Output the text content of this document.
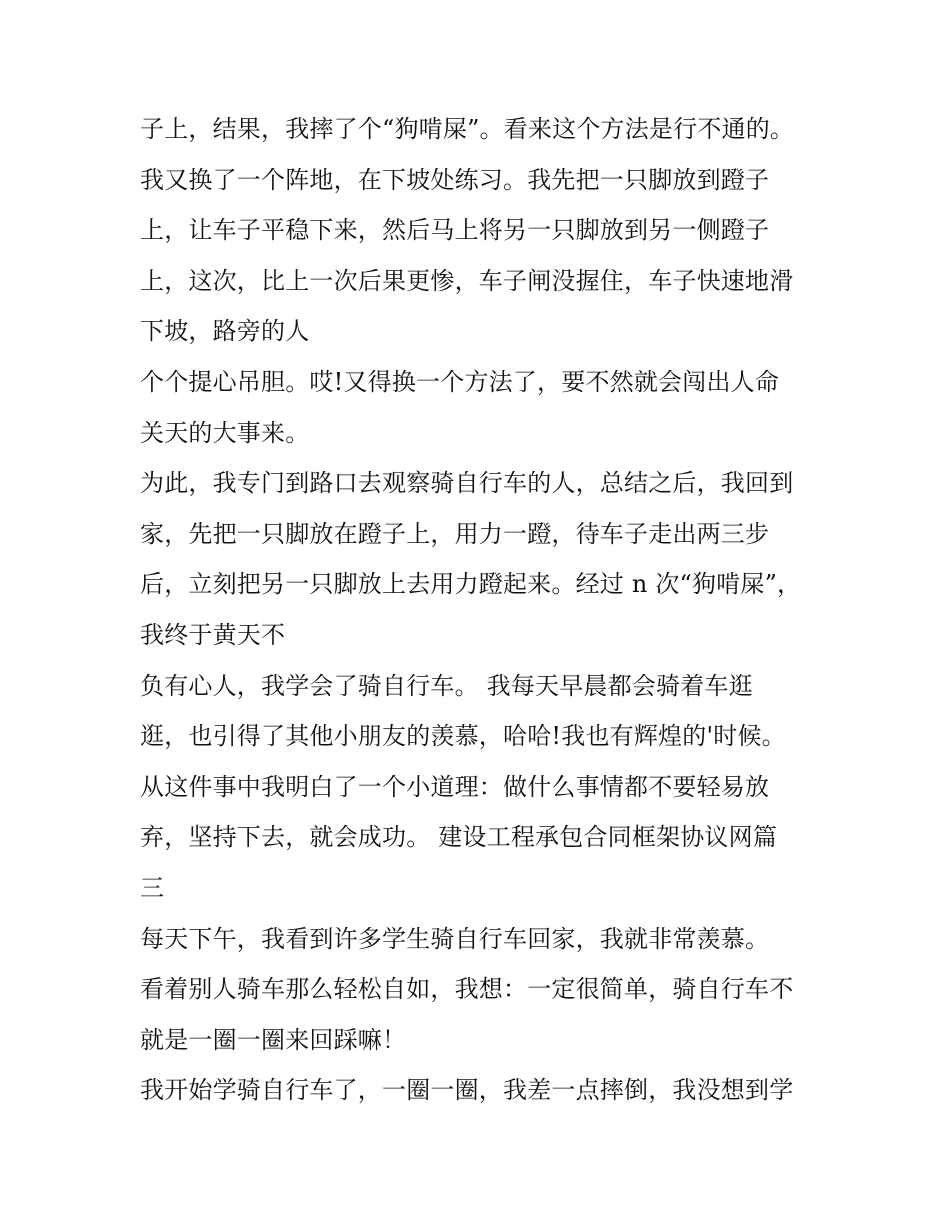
子上，结果，我摔了个“狗啃屎”。看来这个方法是行不通的。
我又换了一个阵地，在下坡处练习。我先把一只脚放到蹬子
上，让车子平稳下来，然后马上将另一只脚放到另一侧蹬子
上，这次，比上一次后果更惨，车子闸没握住，车子快速地滑
下坡，路旁的人
个个提心吊胆。哎!又得换一个方法了，要不然就会闯出人命
关天的大事来。
为此，我专门到路口去观察骑自行车的人，总结之后，我回到
家，先把一只脚放在蹬子上，用力一蹬，待车子走出两三步
后，立刻把另一只脚放上去用力蹬起来。经过 n 次“狗啃屎”，
我终于黄天不
负有心人，我学会了骑自行车。 我每天早晨都会骑着车逛
逛，也引得了其他小朋友的羡慕，哈哈!我也有辉煌的'时候。
从这件事中我明白了一个小道理：做什么事情都不要轻易放
弃，坚持下去，就会成功。 建设工程承包合同框架协议网篇
三
每天下午，我看到许多学生骑自行车回家，我就非常羡慕。
看着别人骑车那么轻松自如，我想：一定很简单，骑自行车不
就是一圈一圈来回踩嘛！
我开始学骑自行车了，一圈一圈，我差一点摔倒，我没想到学
